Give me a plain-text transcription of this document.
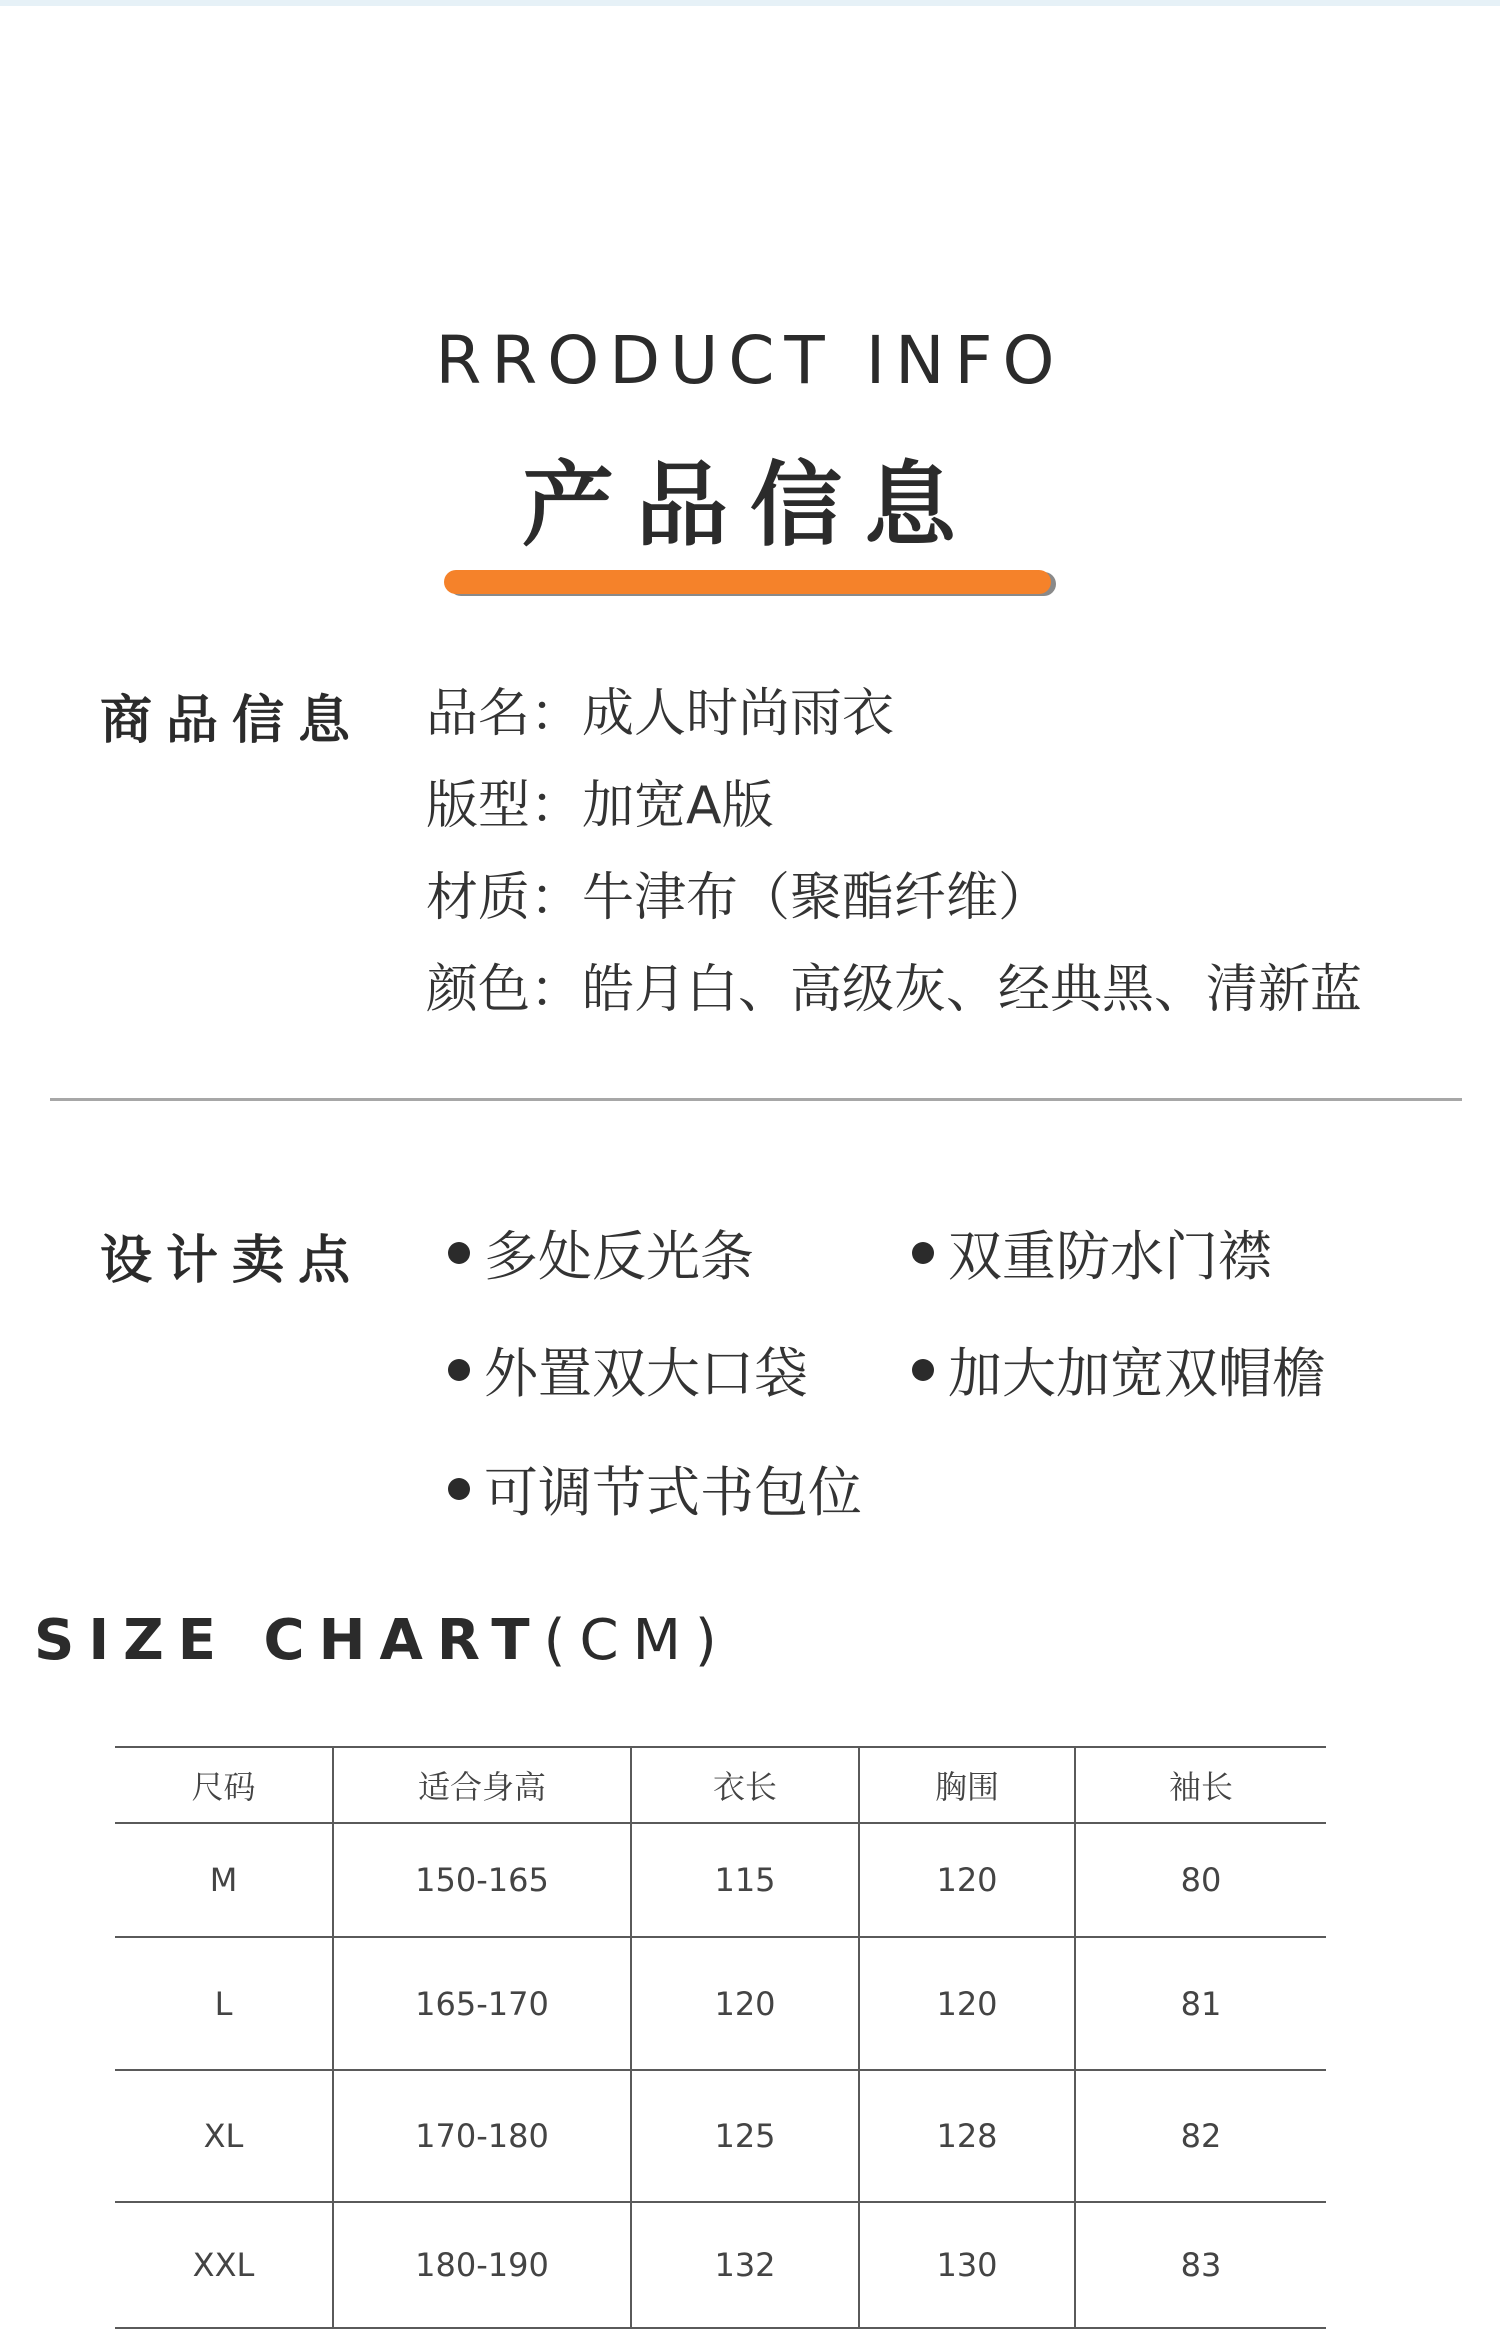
RRODUCT INFO
产品信息
商品信息 品名：成人时尚雨衣
版型：加宽A版
材质：牛津布（聚酯纤维）
颜色：皓月白、高级灰、经典黑、清新蓝
设计卖点 多处反光条	双重防水门襟
外置双大口袋	加大加宽双帽檐
可调节式书包位
SIZE CHART(CM)
尺码	适合身高	衣长	胸围	袖长
M	150-165	115	120	80
L	165-170	120	120	81
XL	170-180	125	128	82
XXL	180-190	132	130	83
